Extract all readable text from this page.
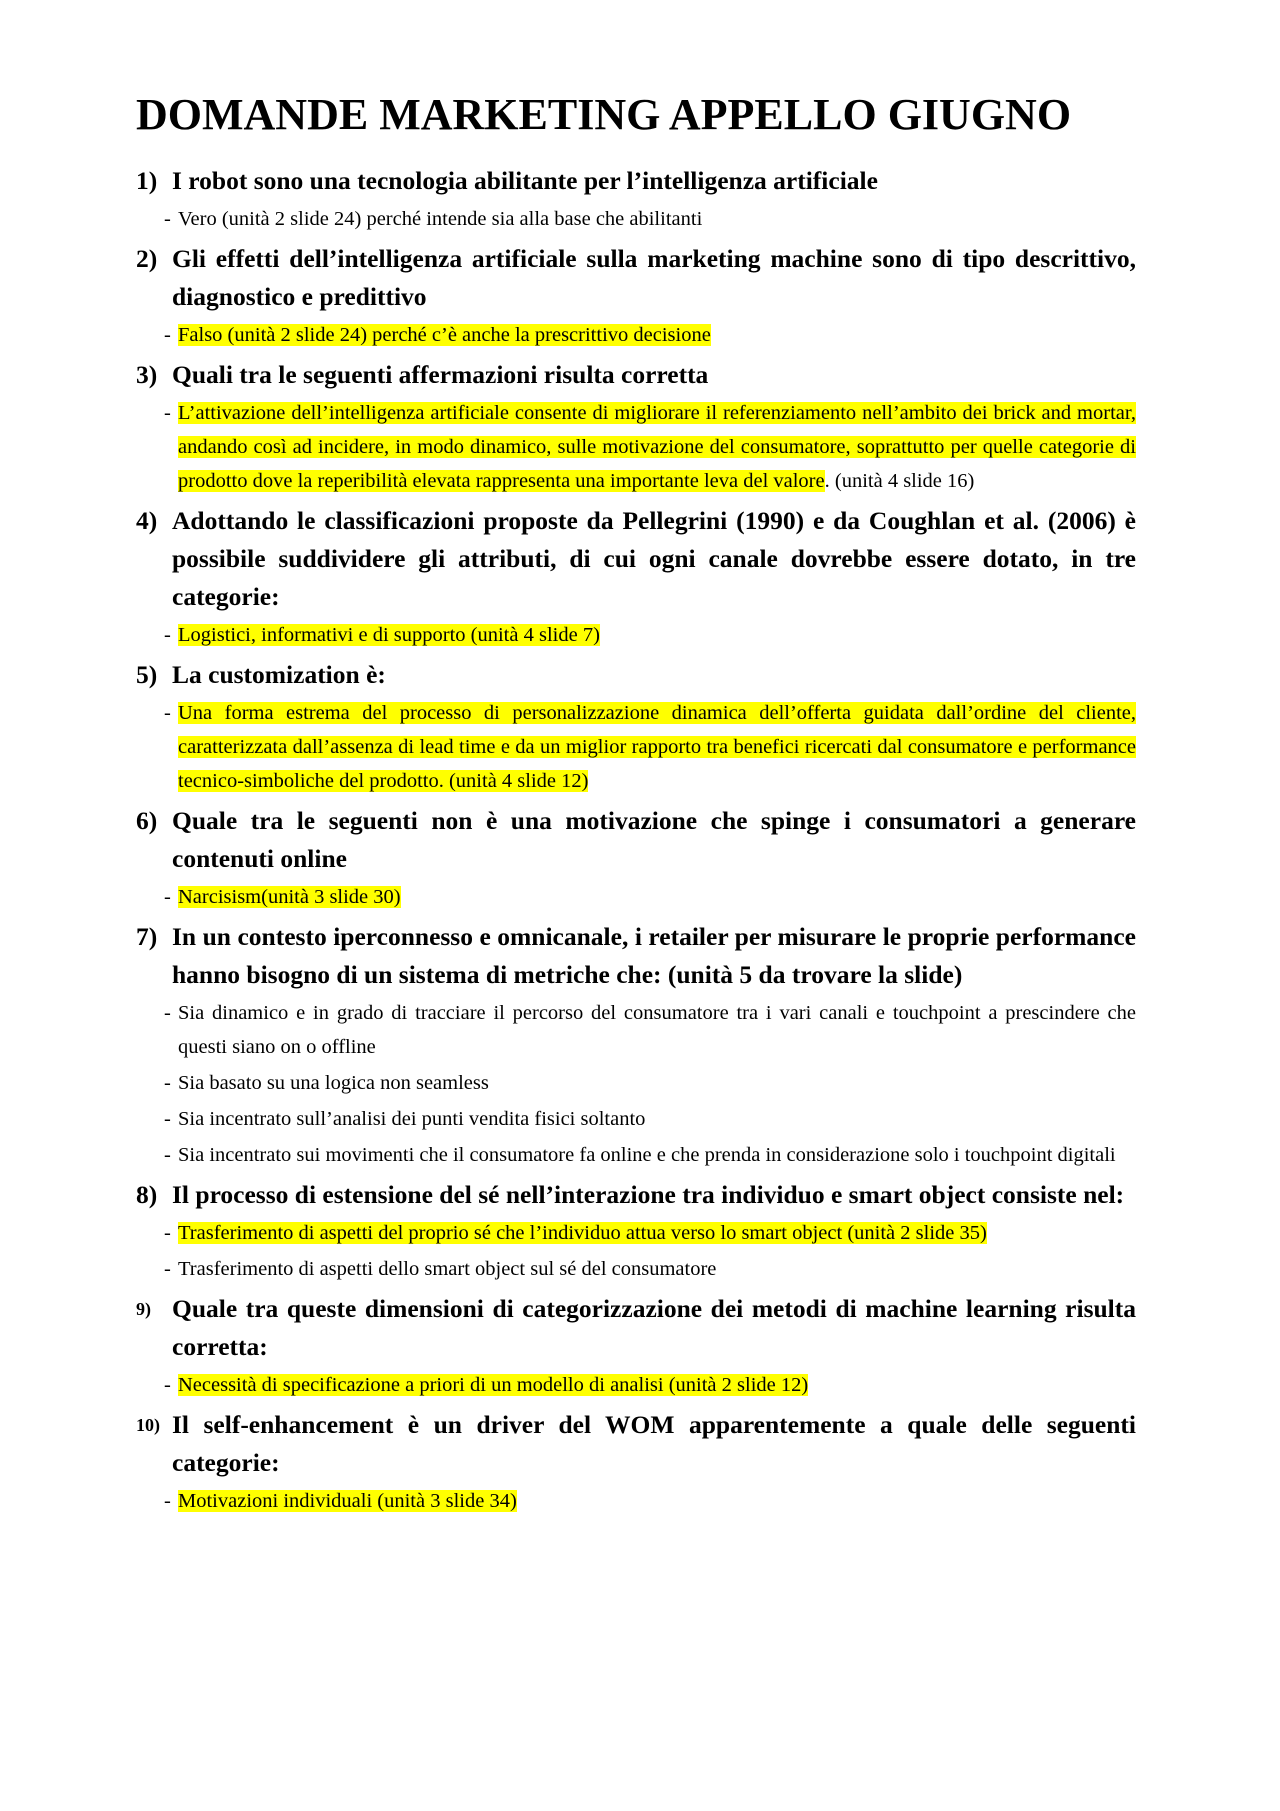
DOMANDE MARKETING APPELLO GIUGNO
1) I robot sono una tecnologia abilitante per l’intelligenza artificiale
- Vero (unità 2 slide 24) perché intende sia alla base che abilitanti
2) Gli effetti dell’intelligenza artificiale sulla marketing machine sono di tipo descrittivo, diagnostico e predittivo
- Falso (unità 2 slide 24) perché c’è anche la prescrittivo decisione
3) Quali tra le seguenti affermazioni risulta corretta
- L’attivazione dell’intelligenza artificiale consente di migliorare il referenziamento nell’ambito dei brick and mortar, andando così ad incidere, in modo dinamico, sulle motivazione del consumatore, soprattutto per quelle categorie di prodotto dove la reperibilità elevata rappresenta una importante leva del valore. (unità 4 slide 16)
4) Adottando le classificazioni proposte da Pellegrini (1990) e da Coughlan et al. (2006) è possibile suddividere gli attributi, di cui ogni canale dovrebbe essere dotato, in tre categorie:
- Logistici, informativi e di supporto (unità 4 slide 7)
5) La customization è:
- Una forma estrema del processo di personalizzazione dinamica dell’offerta guidata dall’ordine del cliente, caratterizzata dall’assenza di lead time e da un miglior rapporto tra benefici ricercati dal consumatore e performance tecnico-simboliche del prodotto. (unità 4 slide 12)
6) Quale tra le seguenti non è una motivazione che spinge i consumatori a generare contenuti online
- Narcisism(unità 3 slide 30)
7) In un contesto iperconnesso e omnicanale, i retailer per misurare le proprie performance hanno bisogno di un sistema di metriche che: (unità 5 da trovare la slide)
- Sia dinamico e in grado di tracciare il percorso del consumatore tra i vari canali e touchpoint a prescindere che questi siano on o offline
- Sia basato su una logica non seamless
- Sia incentrato sull’analisi dei punti vendita fisici soltanto
- Sia incentrato sui movimenti che il consumatore fa online e che prenda in considerazione solo i touchpoint digitali
8) Il processo di estensione del sé nell’interazione tra individuo e smart object consiste nel:
- Trasferimento di aspetti del proprio sé che l’individuo attua verso lo smart object (unità 2 slide 35)
- Trasferimento di aspetti dello smart object sul sé del consumatore
9) Quale tra queste dimensioni di categorizzazione dei metodi di machine learning risulta corretta:
- Necessità di specificazione a priori di un modello di analisi (unità 2 slide 12)
10) Il self-enhancement è un driver del WOM apparentemente a quale delle seguenti categorie:
- Motivazioni individuali (unità 3 slide 34)
